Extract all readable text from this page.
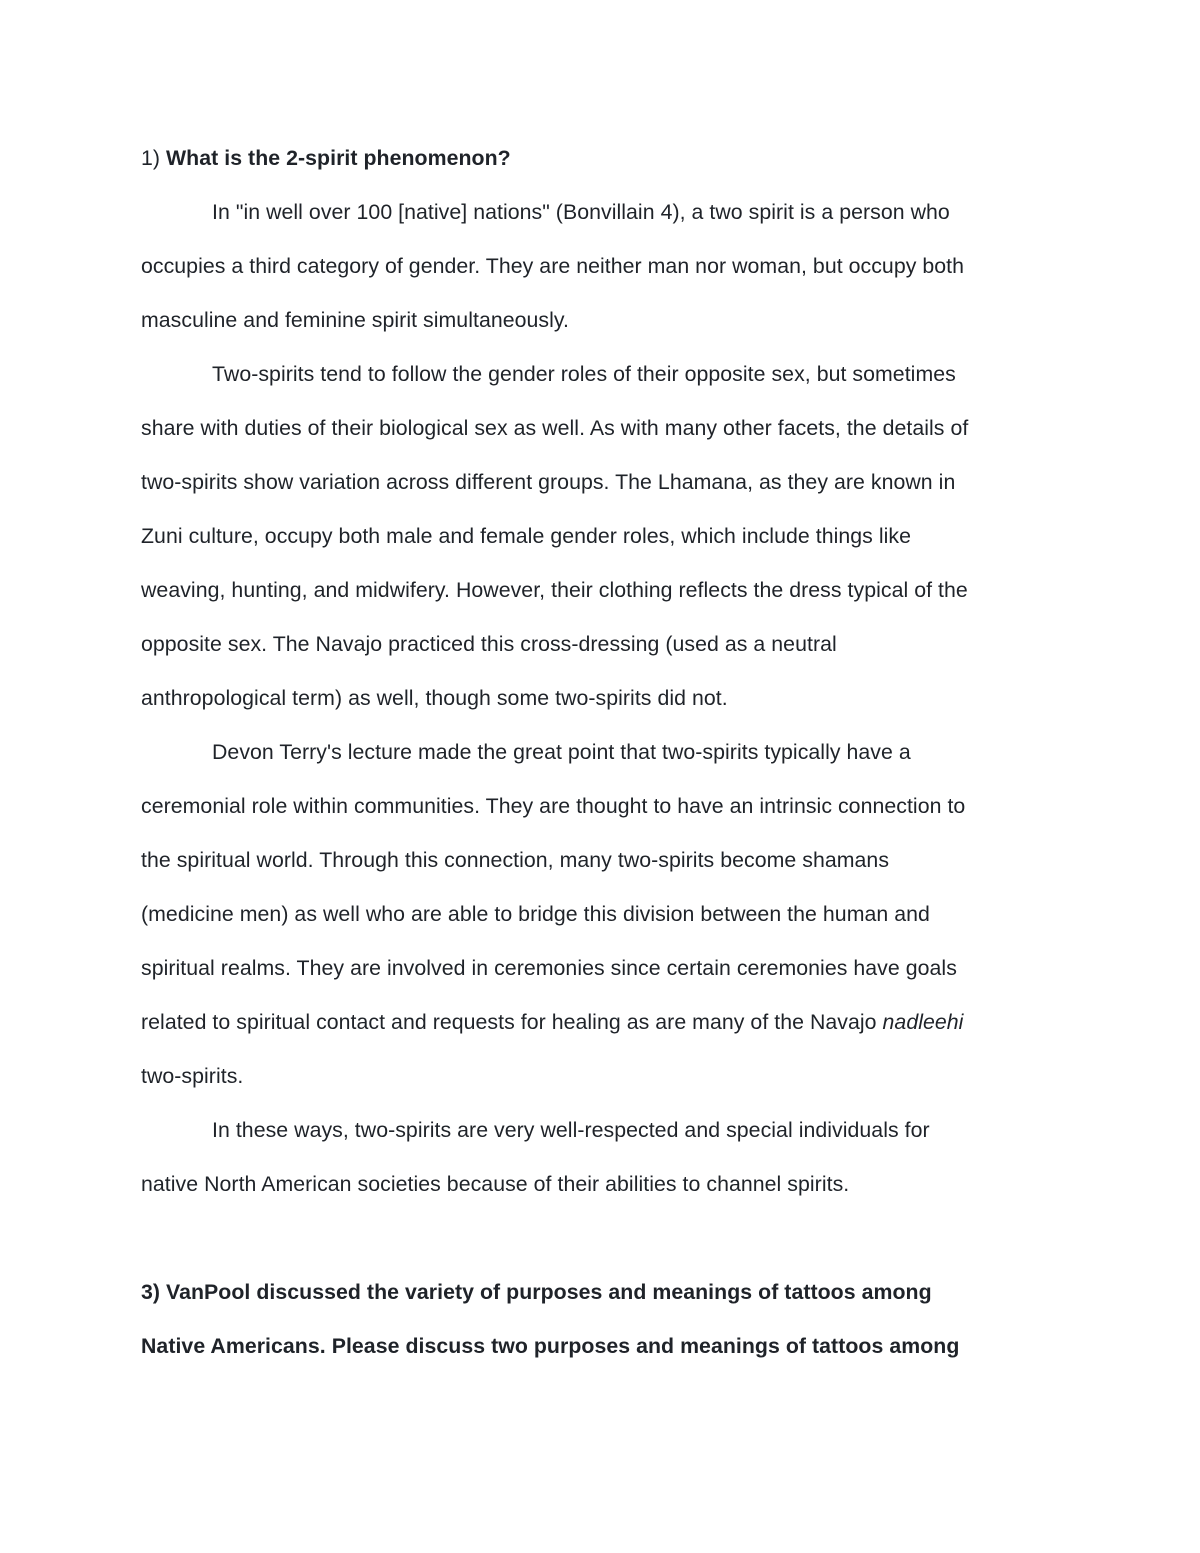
1) What is the 2-spirit phenomenon?

In "in well over 100 [native] nations" (Bonvillain 4), a two spirit is a person who
occupies a third category of gender. They are neither man nor woman, but occupy both
masculine and feminine spirit simultaneously.
Two-spirits tend to follow the gender roles of their opposite sex, but sometimes
share with duties of their biological sex as well. As with many other facets, the details of
two-spirits show variation across different groups. The Lhamana, as they are known in
Zuni culture, occupy both male and female gender roles, which include things like
weaving, hunting, and midwifery. However, their clothing reflects the dress typical of the
opposite sex. The Navajo practiced this cross-dressing (used as a neutral
anthropological term) as well, though some two-spirits did not.
Devon Terry's lecture made the great point that two-spirits typically have a
ceremonial role within communities. They are thought to have an intrinsic connection to
the spiritual world. Through this connection, many two-spirits become shamans
(medicine men) as well who are able to bridge this division between the human and
spiritual realms. They are involved in ceremonies since certain ceremonies have goals
related to spiritual contact and requests for healing as are many of the Navajo nadleehi
two-spirits.
In these ways, two-spirits are very well-respected and special individuals for
native North American societies because of their abilities to channel spirits.
3) VanPool discussed the variety of purposes and meanings of tattoos among
Native Americans. Please discuss two purposes and meanings of tattoos among
